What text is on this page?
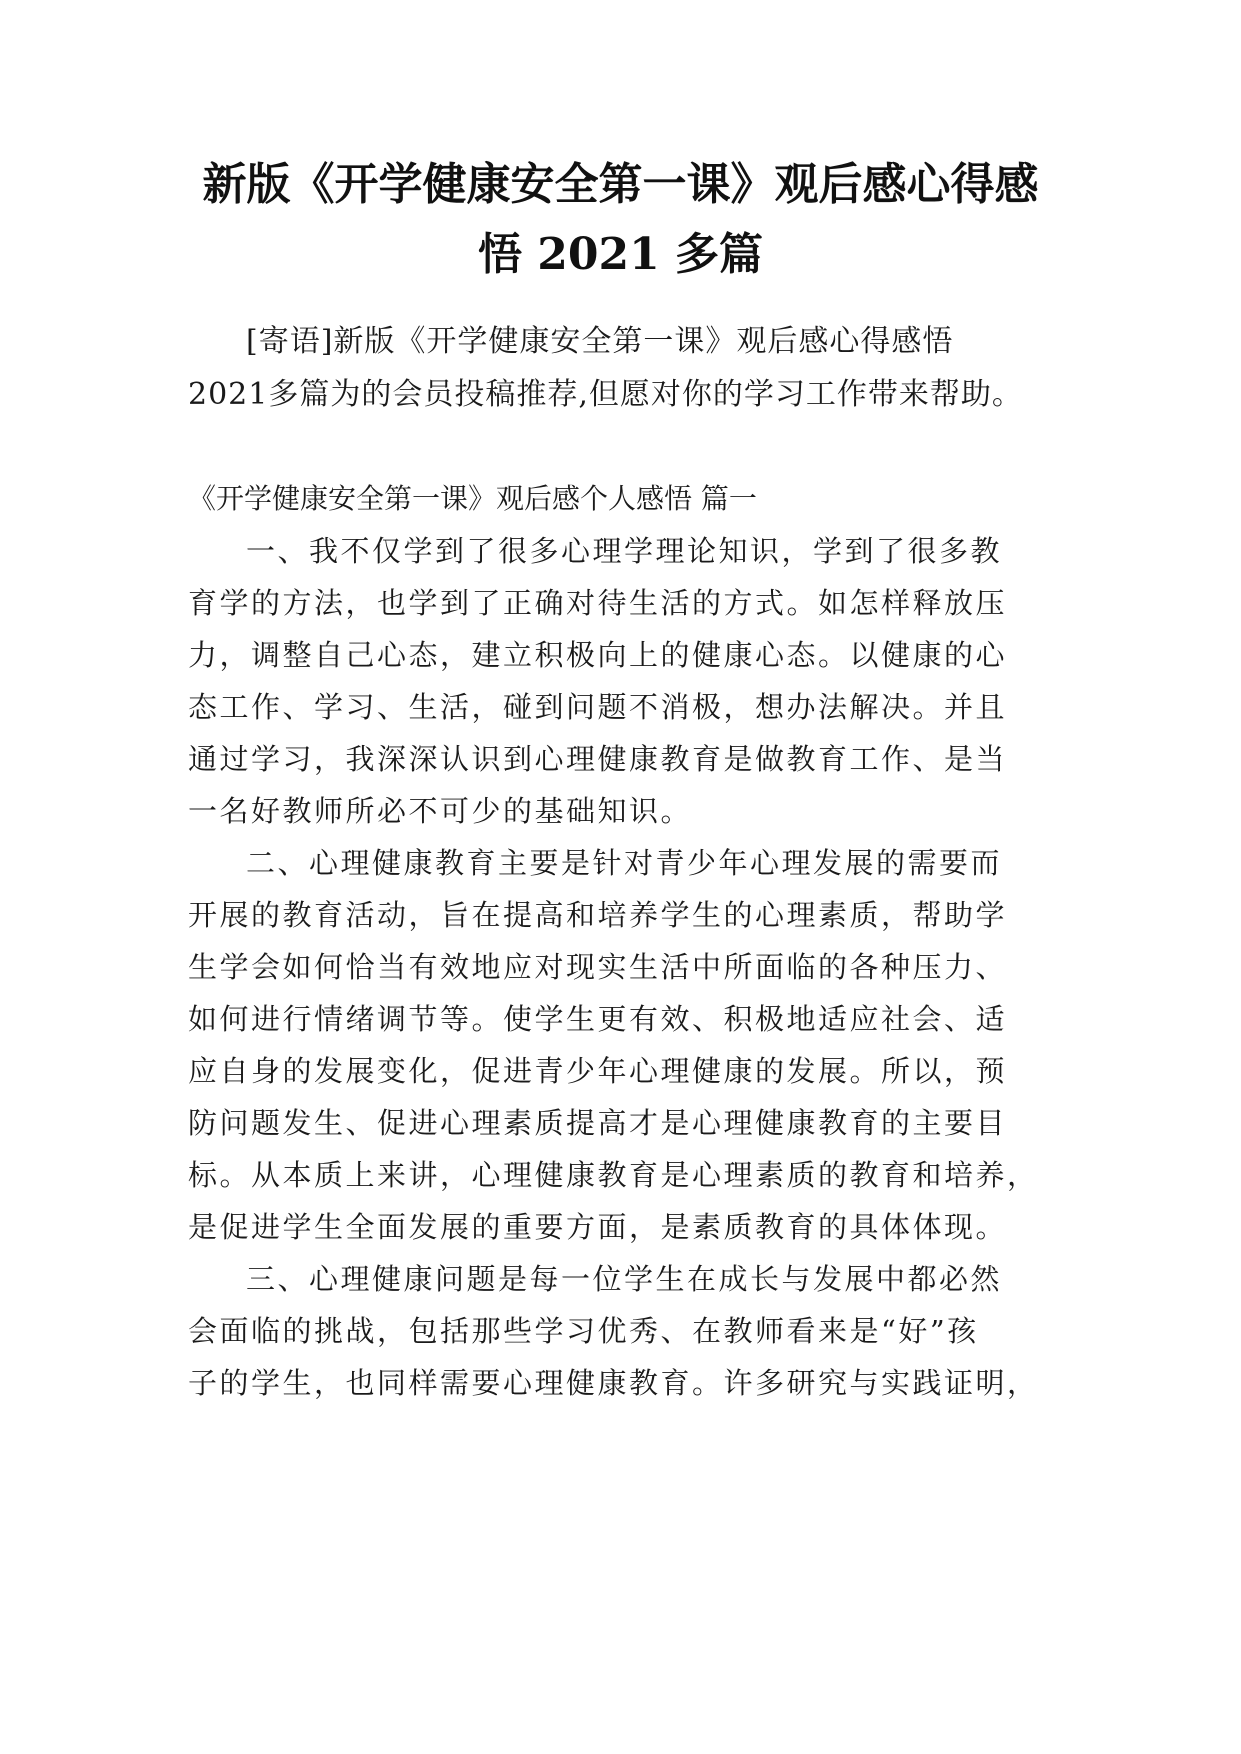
新版《开学健康安全第一课》观后感心得感
悟 2021 多篇
[寄语]新版《开学健康安全第一课》观后感心得感悟
2021多篇为的会员投稿推荐,但愿对你的学习工作带来帮助。
《开学健康安全第一课》观后感个人感悟 篇一
一、我不仅学到了很多心理学理论知识，学到了很多教
育学的方法，也学到了正确对待生活的方式。如怎样释放压
力，调整自己心态，建立积极向上的健康心态。以健康的心
态工作、学习、生活，碰到问题不消极，想办法解决。并且
通过学习，我深深认识到心理健康教育是做教育工作、是当
一名好教师所必不可少的基础知识。
二、心理健康教育主要是针对青少年心理发展的需要而
开展的教育活动，旨在提高和培养学生的心理素质，帮助学
生学会如何恰当有效地应对现实生活中所面临的各种压力、
如何进行情绪调节等。使学生更有效、积极地适应社会、适
应自身的发展变化，促进青少年心理健康的发展。所以，预
防问题发生、促进心理素质提高才是心理健康教育的主要目
标。从本质上来讲，心理健康教育是心理素质的教育和培养，
是促进学生全面发展的重要方面，是素质教育的具体体现。
三、心理健康问题是每一位学生在成长与发展中都必然
会面临的挑战，包括那些学习优秀、在教师看来是“好”孩
子的学生，也同样需要心理健康教育。许多研究与实践证明，
